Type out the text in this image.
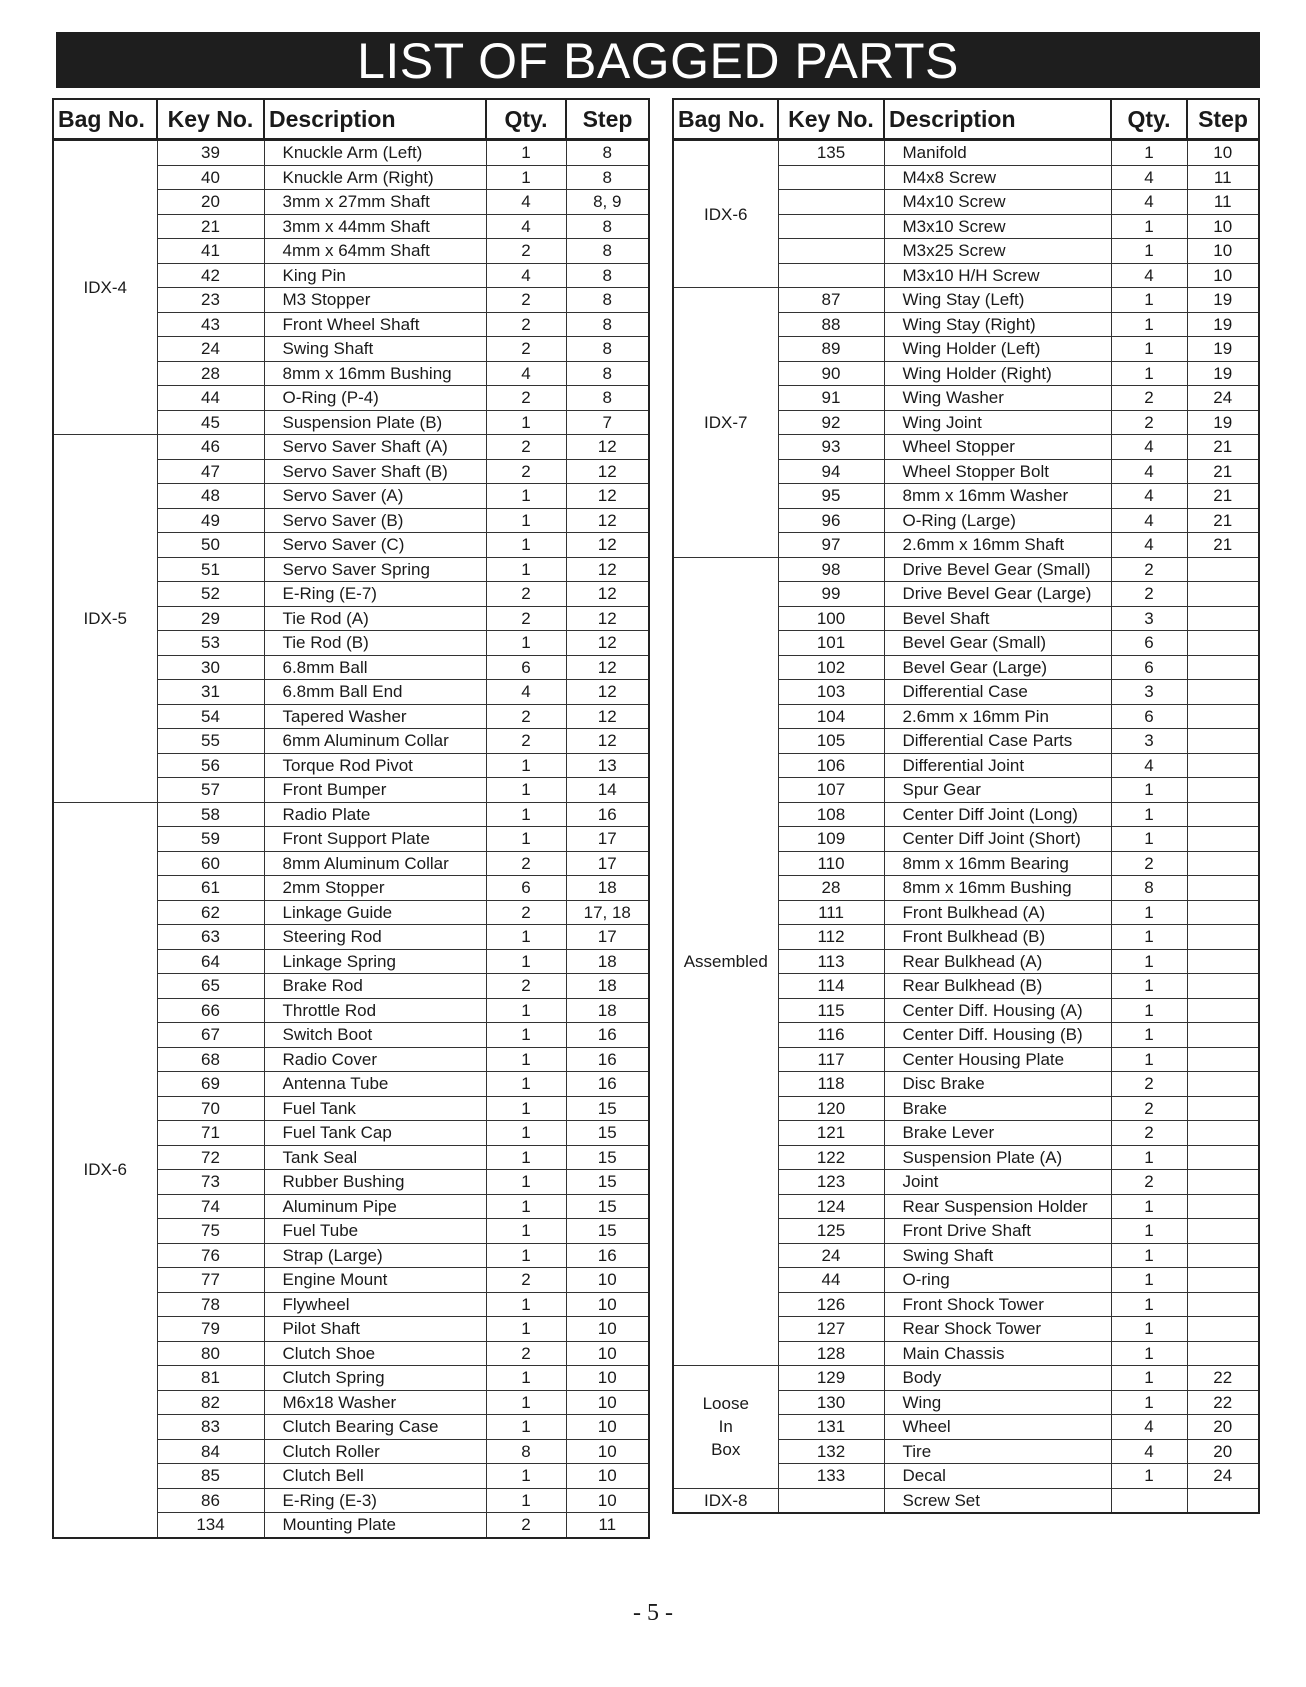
LIST OF BAGGED PARTS
Bag No.	Key No.	Description	Qty.	Step
IDX-4	39	Knuckle Arm (Left)	1	8
	40	Knuckle Arm (Right)	1	8
	20	3mm x 27mm Shaft	4	8, 9
	21	3mm x 44mm Shaft	4	8
	41	4mm x 64mm Shaft	2	8
	42	King Pin	4	8
	23	M3 Stopper	2	8
	43	Front Wheel Shaft	2	8
	24	Swing Shaft	2	8
	28	8mm x 16mm Bushing	4	8
	44	O-Ring (P-4)	2	8
	45	Suspension Plate (B)	1	7
IDX-5	46	Servo Saver Shaft (A)	2	12
	47	Servo Saver Shaft (B)	2	12
	48	Servo Saver (A)	1	12
	49	Servo Saver (B)	1	12
	50	Servo Saver (C)	1	12
	51	Servo Saver Spring	1	12
	52	E-Ring (E-7)	2	12
	29	Tie Rod (A)	2	12
	53	Tie Rod (B)	1	12
	30	6.8mm Ball	6	12
	31	6.8mm Ball End	4	12
	54	Tapered Washer	2	12
	55	6mm Aluminum Collar	2	12
	56	Torque Rod Pivot	1	13
	57	Front Bumper	1	14
IDX-6	58	Radio Plate	1	16
	59	Front Support Plate	1	17
	60	8mm Aluminum Collar	2	17
	61	2mm Stopper	6	18
	62	Linkage Guide	2	17, 18
	63	Steering Rod	1	17
	64	Linkage Spring	1	18
	65	Brake Rod	2	18
	66	Throttle Rod	1	18
	67	Switch Boot	1	16
	68	Radio Cover	1	16
	69	Antenna Tube	1	16
	70	Fuel Tank	1	15
	71	Fuel Tank Cap	1	15
	72	Tank Seal	1	15
	73	Rubber Bushing	1	15
	74	Aluminum Pipe	1	15
	75	Fuel Tube	1	15
	76	Strap (Large)	1	16
	77	Engine Mount	2	10
	78	Flywheel	1	10
	79	Pilot Shaft	1	10
	80	Clutch Shoe	2	10
	81	Clutch Spring	1	10
	82	M6x18 Washer	1	10
	83	Clutch Bearing Case	1	10
	84	Clutch Roller	8	10
	85	Clutch Bell	1	10
	86	E-Ring (E-3)	1	10
	134	Mounting Plate	2	11
Bag No.	Key No.	Description	Qty.	Step
IDX-6	135	Manifold	1	10
		M4x8 Screw	4	11
		M4x10 Screw	4	11
		M3x10 Screw	1	10
		M3x25 Screw	1	10
		M3x10 H/H Screw	4	10
IDX-7	87	Wing Stay (Left)	1	19
	88	Wing Stay (Right)	1	19
	89	Wing Holder (Left)	1	19
	90	Wing Holder (Right)	1	19
	91	Wing Washer	2	24
	92	Wing Joint	2	19
	93	Wheel Stopper	4	21
	94	Wheel Stopper Bolt	4	21
	95	8mm x 16mm Washer	4	21
	96	O-Ring (Large)	4	21
	97	2.6mm x 16mm Shaft	4	21
Assembled	98	Drive Bevel Gear (Small)	2	
	99	Drive Bevel Gear (Large)	2	
	100	Bevel Shaft	3	
	101	Bevel Gear (Small)	6	
	102	Bevel Gear (Large)	6	
	103	Differential Case	3	
	104	2.6mm x 16mm Pin	6	
	105	Differential Case Parts	3	
	106	Differential Joint	4	
	107	Spur Gear	1	
	108	Center Diff Joint (Long)	1	
	109	Center Diff Joint (Short)	1	
	110	8mm x 16mm Bearing	2	
	28	8mm x 16mm Bushing	8	
	111	Front Bulkhead (A)	1	
	112	Front Bulkhead (B)	1	
	113	Rear Bulkhead (A)	1	
	114	Rear Bulkhead (B)	1	
	115	Center Diff. Housing (A)	1	
	116	Center Diff. Housing (B)	1	
	117	Center Housing Plate	1	
	118	Disc Brake	2	
	120	Brake	2	
	121	Brake Lever	2	
	122	Suspension Plate (A)	1	
	123	Joint	2	
	124	Rear Suspension Holder	1	
	125	Front Drive Shaft	1	
	24	Swing Shaft	1	
	44	O-ring	1	
	126	Front Shock Tower	1	
	127	Rear Shock Tower	1	
	128	Main Chassis	1	

Loose
In
Box	129	Body	1	22
	130	Wing	1	22
	131	Wheel	4	20
	132	Tire	4	20
	133	Decal	1	24
IDX-8		Screw Set		
- 5 -
